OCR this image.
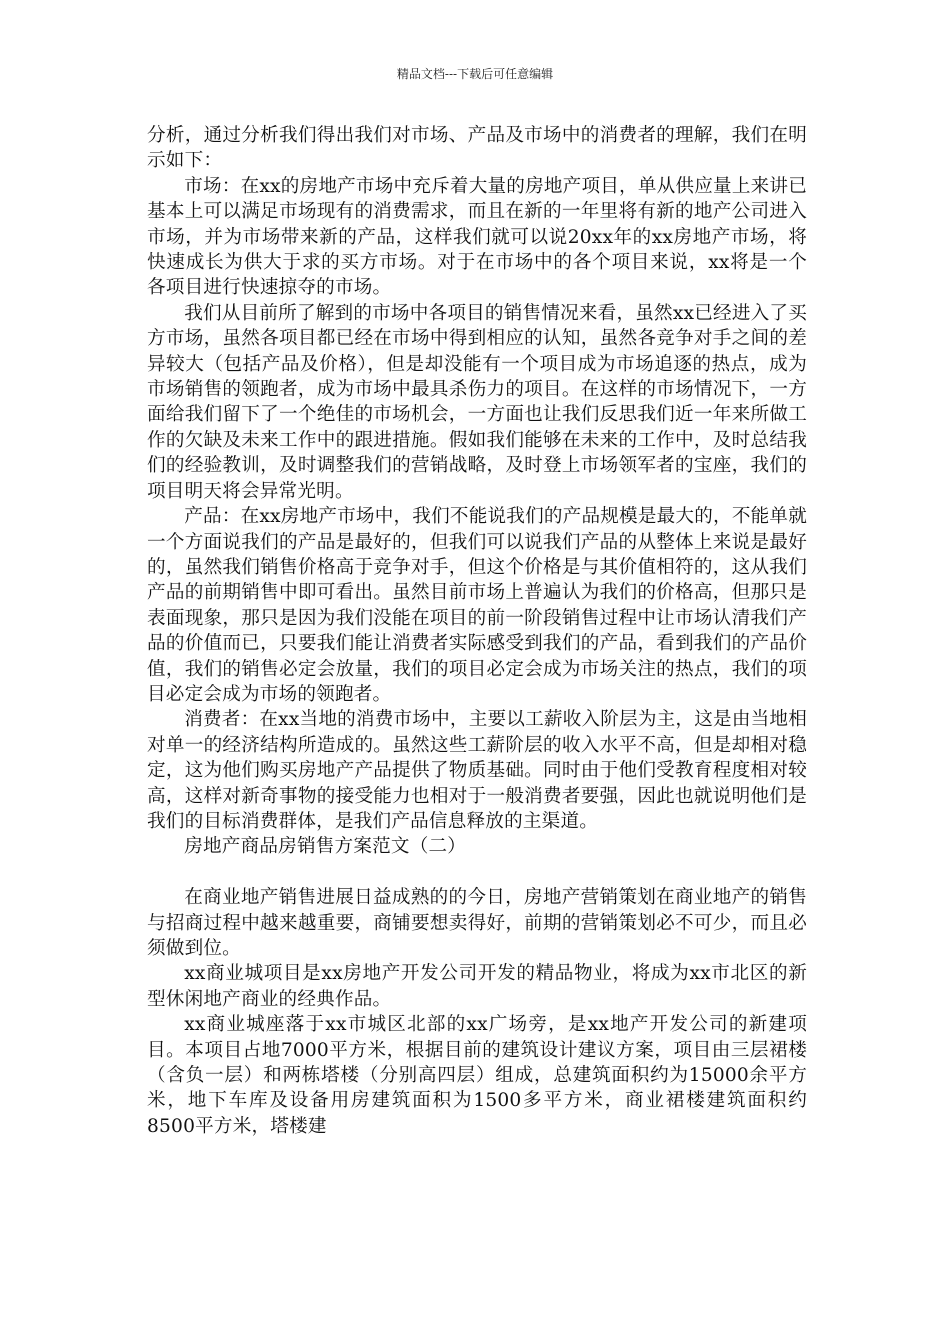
精品文档---下载后可任意编辑

分析，通过分析我们得出我们对市场、产品及市场中的消费者的理解，我们在明示如下：

市场：在xx的房地产市场中充斥着大量的房地产项目，单从供应量上来讲已基本上可以满足市场现有的消费需求，而且在新的一年里将有新的地产公司进入市场，并为市场带来新的产品，这样我们就可以说20xx年的xx房地产市场，将快速成长为供大于求的买方市场。对于在市场中的各个项目来说，xx将是一个各项目进行快速掠夺的市场。

我们从目前所了解到的市场中各项目的销售情况来看，虽然xx已经进入了买方市场，虽然各项目都已经在市场中得到相应的认知，虽然各竞争对手之间的差异较大（包括产品及价格），但是却没能有一个项目成为市场追逐的热点，成为市场销售的领跑者，成为市场中最具杀伤力的项目。在这样的市场情况下，一方面给我们留下了一个绝佳的市场机会，一方面也让我们反思我们近一年来所做工作的欠缺及未来工作中的跟进措施。假如我们能够在未来的工作中，及时总结我们的经验教训，及时调整我们的营销战略，及时登上市场领军者的宝座，我们的项目明天将会异常光明。

产品：在xx房地产市场中，我们不能说我们的产品规模是最大的，不能单就一个方面说我们的产品是最好的，但我们可以说我们产品的从整体上来说是最好的，虽然我们销售价格高于竞争对手，但这个价格是与其价值相符的，这从我们产品的前期销售中即可看出。虽然目前市场上普遍认为我们的价格高，但那只是表面现象，那只是因为我们没能在项目的前一阶段销售过程中让市场认清我们产品的价值而已，只要我们能让消费者实际感受到我们的产品，看到我们的产品价值，我们的销售必定会放量，我们的项目必定会成为市场关注的热点，我们的项目必定会成为市场的领跑者。

消费者：在xx当地的消费市场中，主要以工薪收入阶层为主，这是由当地相对单一的经济结构所造成的。虽然这些工薪阶层的收入水平不高，但是却相对稳定，这为他们购买房地产产品提供了物质基础。同时由于他们受教育程度相对较高，这样对新奇事物的接受能力也相对于一般消费者要强，因此也就说明他们是我们的目标消费群体，是我们产品信息释放的主渠道。

房地产商品房销售方案范文（二）

在商业地产销售进展日益成熟的的今日，房地产营销策划在商业地产的销售与招商过程中越来越重要，商铺要想卖得好，前期的营销策划必不可少，而且必须做到位。

xx商业城项目是xx房地产开发公司开发的精品物业，将成为xx市北区的新型休闲地产商业的经典作品。

xx商业城座落于xx市城区北部的xx广场旁，是xx地产开发公司的新建项目。本项目占地7000平方米，根据目前的建筑设计建议方案，项目由三层裙楼（含负一层）和两栋塔楼（分别高四层）组成，总建筑面积约为15000余平方米，地下车库及设备用房建筑面积为1500多平方米，商业裙楼建筑面积约8500平方米，塔楼建
